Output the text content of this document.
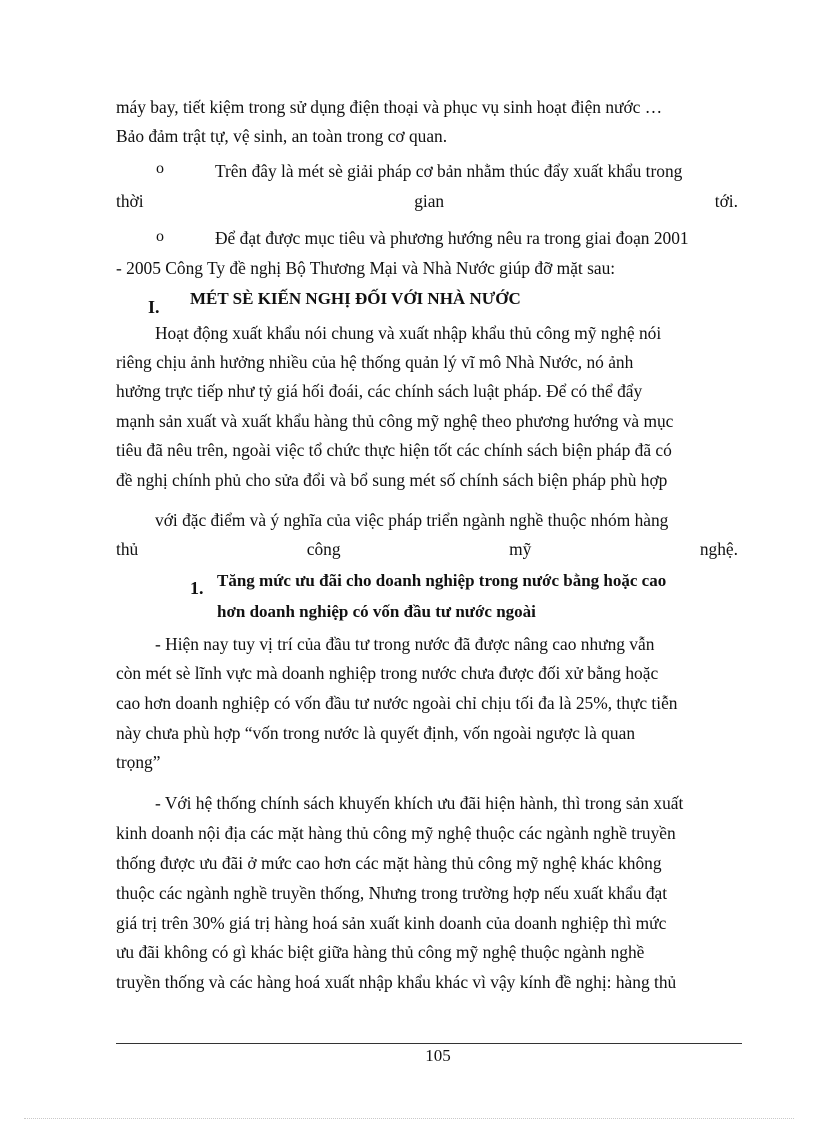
máy bay, tiết kiệm trong sử dụng điện thoại và phục vụ sinh hoạt điện nước …
Bảo đảm trật tự, vệ sinh, an toàn trong cơ quan.
o	Trên đây là mét sè giải pháp cơ bản nhằm thúc đẩy xuất khẩu trong
thời	gian	tới.
o	Để đạt được mục tiêu và phương hướng nêu ra trong giai đoạn 2001
- 2005 Công Ty đề nghị Bộ Thương Mại và Nhà Nước giúp đỡ mặt sau:
I.	MÉT SÈ KIẾN NGHỊ ĐỐI VỚI NHÀ NƯỚC
Hoạt động xuất khẩu nói chung và xuất nhập khẩu thủ công mỹ nghệ nói
riêng chịu ảnh hưởng nhiều của hệ thống quản lý vĩ mô Nhà Nước, nó ảnh
hưởng trực tiếp như tỷ giá hối đoái, các chính sách luật pháp. Để có thể đẩy
mạnh sản xuất và xuất khẩu hàng thủ công mỹ nghệ theo phương hướng và mục
tiêu đã nêu trên, ngoài việc tổ chức thực hiện tốt các chính sách biện pháp đã có
đề nghị chính phủ cho sửa đổi và bổ sung mét số chính sách biện pháp phù hợp
với đặc điểm và ý nghĩa của việc pháp triển ngành nghề thuộc nhóm hàng
thủ	công	mỹ	nghệ.
1. Tăng mức ưu đãi cho doanh nghiệp trong nước bằng hoặc cao
hơn doanh nghiệp có vốn đầu tư nước ngoài
- Hiện nay tuy vị trí của đầu tư trong nước đã được nâng cao nhưng vẫn
còn mét sè lĩnh vực mà doanh nghiệp trong nước chưa được đối xử bằng hoặc
cao hơn doanh nghiệp có vốn đầu tư nước ngoài chỉ chịu tối đa là 25%, thực tiễn
này chưa phù hợp “vốn trong nước là quyết định, vốn ngoài ngược là quan
trọng”
- Với hệ thống chính sách khuyến khích ưu đãi hiện hành, thì trong sản xuất
kinh doanh nội địa các mặt hàng thủ công mỹ nghệ thuộc các ngành nghề truyền
thống được ưu đãi ở mức cao hơn các mặt hàng thủ công mỹ nghệ khác không
thuộc các ngành nghề truyền thống, Nhưng trong trường hợp nếu xuất khẩu đạt
giá trị trên 30% giá trị hàng hoá sản xuất kinh doanh của doanh nghiệp thì mức
ưu đãi không có gì khác biệt giữa hàng thủ công mỹ nghệ thuộc ngành nghề
truyền thống và các hàng hoá xuất nhập khẩu khác vì vậy kính đề nghị: hàng thủ
105
